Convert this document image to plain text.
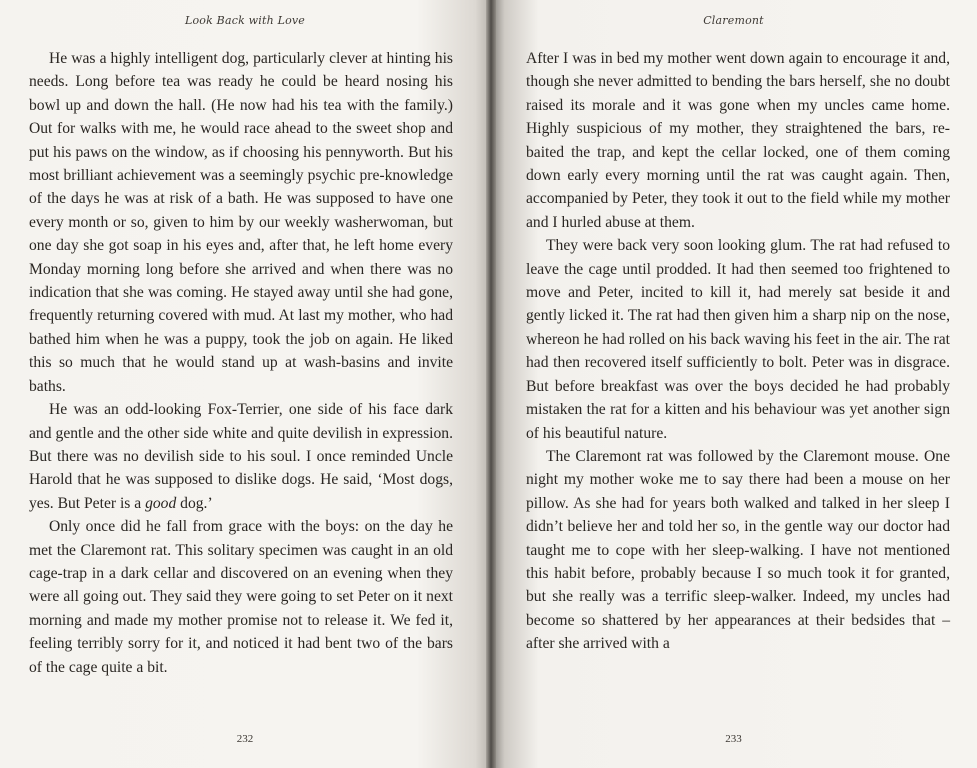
Look Back with Love
232
Claremont
233

He was a highly intelligent dog, particularly clever at hinting his needs. Long before tea was ready he could be heard nosing his bowl up and down the hall. (He now had his tea with the family.) Out for walks with me, he would race ahead to the sweet shop and put his paws on the window, as if choosing his pennyworth. But his most brilliant achievement was a seemingly psychic pre-knowledge of the days he was at risk of a bath. He was supposed to have one every month or so, given to him by our weekly washerwoman, but one day she got soap in his eyes and, after that, he left home every Monday morning long before she arrived and when there was no indication that she was coming. He stayed away until she had gone, frequently returning covered with mud. At last my mother, who had bathed him when he was a puppy, took the job on again. He liked this so much that he would stand up at wash-basins and invite baths.

He was an odd-looking Fox-Terrier, one side of his face dark and gentle and the other side white and quite devilish in expression. But there was no devilish side to his soul. I once reminded Uncle Harold that he was supposed to dislike dogs. He said, ‘Most dogs, yes. But Peter is a good dog.’

Only once did he fall from grace with the boys: on the day he met the Claremont rat. This solitary specimen was caught in an old cage-trap in a dark cellar and discovered on an evening when they were all going out. They said they were going to set Peter on it next morning and made my mother promise not to release it. We fed it, feeling terribly sorry for it, and noticed it had bent two of the bars of the cage quite a bit.

After I was in bed my mother went down again to encourage it and, though she never admitted to bending the bars herself, she no doubt raised its morale and it was gone when my uncles came home. Highly suspicious of my mother, they straightened the bars, re-baited the trap, and kept the cellar locked, one of them coming down early every morning until the rat was caught again. Then, accompanied by Peter, they took it out to the field while my mother and I hurled abuse at them.

They were back very soon looking glum. The rat had refused to leave the cage until prodded. It had then seemed too frightened to move and Peter, incited to kill it, had merely sat beside it and gently licked it. The rat had then given him a sharp nip on the nose, whereon he had rolled on his back waving his feet in the air. The rat had then recovered itself sufficiently to bolt. Peter was in disgrace. But before breakfast was over the boys decided he had probably mistaken the rat for a kitten and his behaviour was yet another sign of his beautiful nature.

The Claremont rat was followed by the Claremont mouse. One night my mother woke me to say there had been a mouse on her pillow. As she had for years both walked and talked in her sleep I didn’t believe her and told her so, in the gentle way our doctor had taught me to cope with her sleep-walking. I have not mentioned this habit before, probably because I so much took it for granted, but she really was a terrific sleep-walker. Indeed, my uncles had become so shattered by her appearances at their bedsides that – after she arrived with a
